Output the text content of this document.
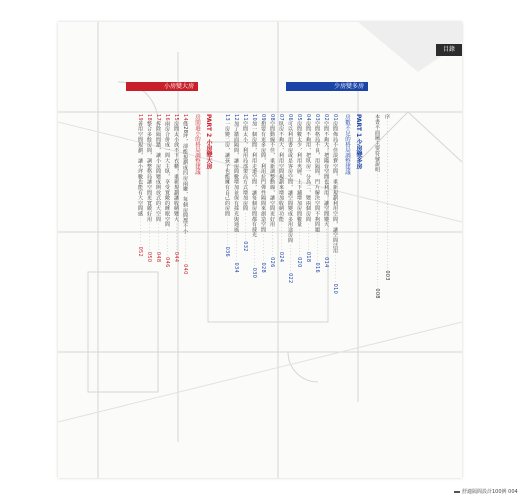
目錄
小房變大房	少房變多房
序 · · · · · · · · · · · · · · · · · · · · · · · · · · · · · · · · · · · · · · · · · · · · · · · 003
本書平面圖主要符號說明 · · · · · · · · · · · · · · · · · · · · · · · · · · · · · · · · · · · · 008
PART 1 少房變多房
房數不足的格局調整建議
01房間佈局不佳浪費空間，重新規劃利用空間，讓空間活用 · · · · · · · · · 010
02空間不夠大，把陽台空間也利用，讓空間變大 · · · · · · · · · 014
03空間格局不良，用隔間、門片解決空間不夠問題 · · · · · · · · · 016
04房間不夠用，把臥房一分為二，變兩個房間 · · · · · · · · · 018
05房間數太少，利用夾層、上下舖增加房間數量 · · · · · · · · · 020
06可以利用書房或是客房空間，讓空間變成多用途房間 · · · · · · · · · 022
07臥房不夠大，利用空間規劃來增加收納功能 · · · · · · · · · 024
08空間動線不佳，重新調整動線，讓空間更好用 · · · · · · · · · 026
09想要有更多房間，利用拉門彈性隔間來創造空間 · · · · · · · · · 028
10加一個房間，利用走道空間，讓每個房間都有採光 · · · · · · · · · 030
11空間太小，利用局部架高方式增加房間 · · · · · · · · · 032
12加了牆面隔間，讓房間數增加並保有採光與通風 · · · · · · · · · 034
13一房變二房，讓孩子也能擁有自己的房間 · · · · · · · · · 036
PART 2 小房變大房
房間過小的格局調整建議
14僅28坪，卻能規劃成四房兩廳，每個房間都不小 · · · · · · · · · 040
15房間太小放不下衣櫃，重新規劃讓收納變大 · · · · · · · · · 044
16兩房合併成一間大主臥，享受寬敞的睡眠空間 · · · · · · · · · 046
17拆除隔間牆，讓小房間變成開放式的大空間 · · · · · · · · · 048
18整合多餘房間，調整格局讓空間更寬敞好用 · · · · · · · · · 050
19善用空間規劃，讓小坪數也能有大空間感 · · · · · · · · · 052
舒適隔間設計100例 004
